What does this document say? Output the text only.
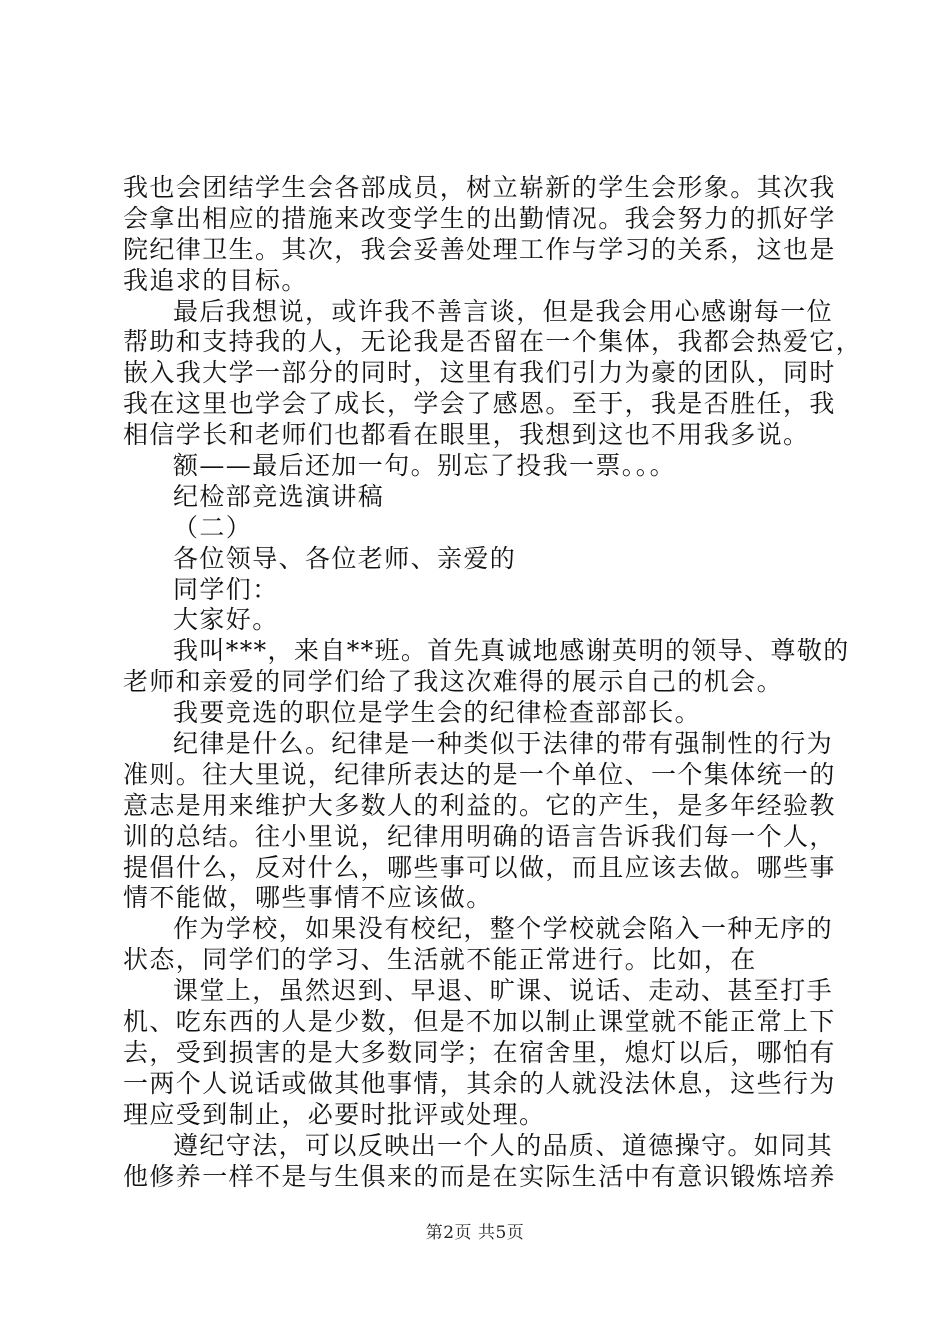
我也会团结学生会各部成员，树立崭新的学生会形象。其次我
会拿出相应的措施来改变学生的出勤情况。我会努力的抓好学
院纪律卫生。其次，我会妥善处理工作与学习的关系，这也是
我追求的目标。
最后我想说，或许我不善言谈，但是我会用心感谢每一位
帮助和支持我的人，无论我是否留在一个集体，我都会热爱它，
嵌入我大学一部分的同时，这里有我们引力为豪的团队，同时
我在这里也学会了成长，学会了感恩。至于，我是否胜任，我
相信学长和老师们也都看在眼里，我想到这也不用我多说。
额——最后还加一句。别忘了投我一票。。。
纪检部竞选演讲稿
（二）
各位领导、各位老师、亲爱的
同学们：
大家好。
我叫***，来自**班。首先真诚地感谢英明的领导、尊敬的
老师和亲爱的同学们给了我这次难得的展示自己的机会。
我要竞选的职位是学生会的纪律检查部部长。
纪律是什么。纪律是一种类似于法律的带有强制性的行为
准则。往大里说，纪律所表达的是一个单位、一个集体统一的
意志是用来维护大多数人的利益的。它的产生，是多年经验教
训的总结。往小里说，纪律用明确的语言告诉我们每一个人，
提倡什么，反对什么，哪些事可以做，而且应该去做。哪些事
情不能做，哪些事情不应该做。
作为学校，如果没有校纪，整个学校就会陷入一种无序的
状态，同学们的学习、生活就不能正常进行。比如，在
课堂上，虽然迟到、早退、旷课、说话、走动、甚至打手
机、吃东西的人是少数，但是不加以制止课堂就不能正常上下
去，受到损害的是大多数同学；在宿舍里，熄灯以后，哪怕有
一两个人说话或做其他事情，其余的人就没法休息，这些行为
理应受到制止，必要时批评或处理。
遵纪守法，可以反映出一个人的品质、道德操守。如同其
他修养一样不是与生俱来的而是在实际生活中有意识锻炼培养
第2页 共5页
